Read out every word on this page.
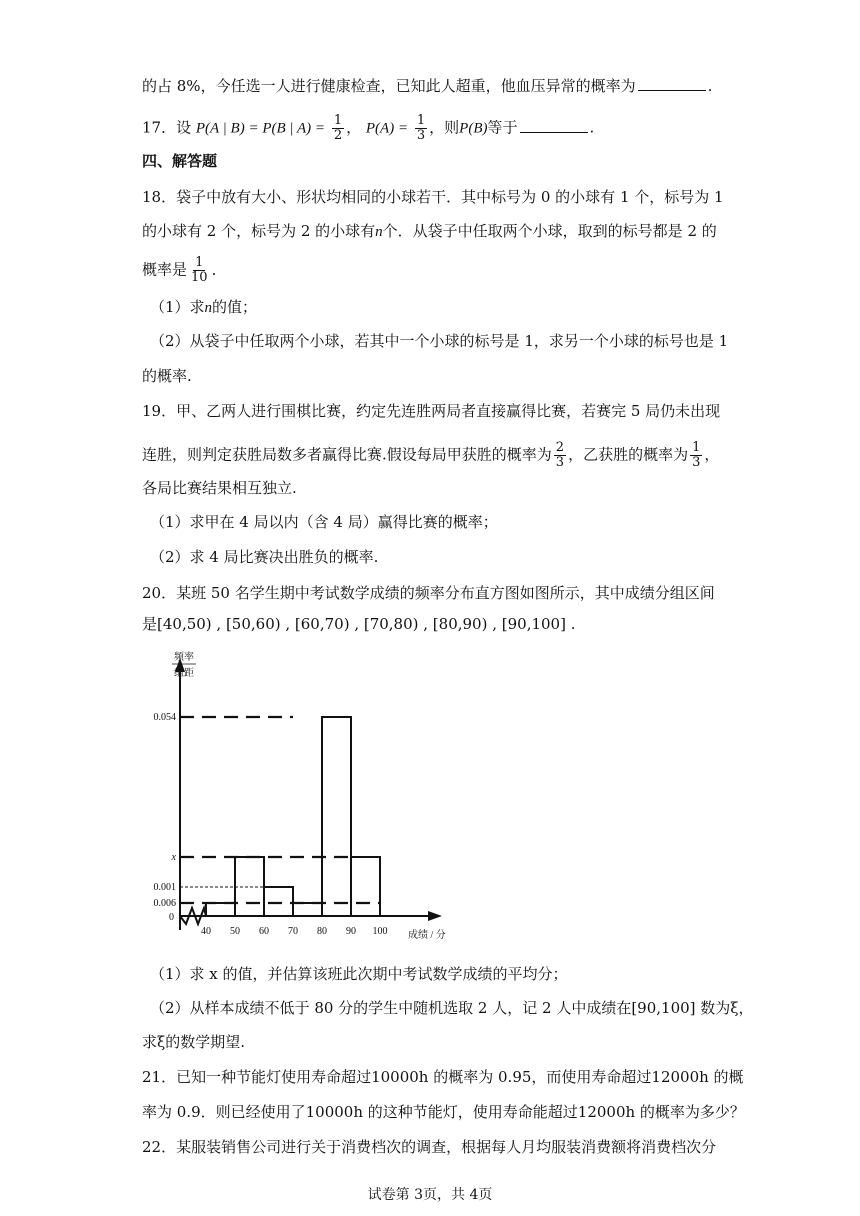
的占 8%，今任选一人进行健康检查，已知此人超重，他血压异常的概率为	.
17．设 P(A | B) = P(B | $A) = \frac{1}{2}$ ， $P(A) = \frac{1}{3}$ ，则P(B)等于	.
四、解答题
18．袋子中放有大小、形状均相同的小球若干．其中标号为 0 的小球有 1 个，标号为 1
的小球有 2 个，标号为 2 的小球有n个．从袋子中任取两个小球，取到的标号都是 2 的
概率是 $\frac{1}{10}$ ．
（1）求n的值；
（2）从袋子中任取两个小球，若其中一个小球的标号是 1，求另一个小球的标号也是 1
的概率.
19．甲、乙两人进行围棋比赛，约定先连胜两局者直接赢得比赛，若赛完 5 局仍未出现
连胜，则判定获胜局数多者赢得比赛.假设每局甲获胜的概率为 $\frac{2}{3}$ ，乙获胜的概率为 $\frac{1}{3}$ ，
各局比赛结果相互独立.
（1）求甲在 4 局以内（含 4 局）赢得比赛的概率；
（2）求 4 局比赛决出胜负的概率.
20．某班 50 名学生期中考试数学成绩的频率分布直方图如图所示，其中成绩分组区间
是[40,50) , [50,60) , [60,70) , [70,80) , [80,90) , [90,100] .
频率
组距
0.054
x
0.001
0.006
40 50 60 70 80 90 100
0
成绩 / 分
（1）求 x 的值，并估算该班此次期中考试数学成绩的平均分；
（2）从样本成绩不低于 80 分的学生中随机选取 2 人，记 2 人中成绩在[90,100] 数为ξ，
求ξ的数学期望.
21．已知一种节能灯使用寿命超过10000h 的概率为 0.95，而使用寿命超过12000h 的概
率为 0.9．则已经使用了10000h 的这种节能灯，使用寿命能超过12000h 的概率为多少？
22．某服装销售公司进行关于消费档次的调查，根据每人月均服装消费额将消费档次分
试卷第 3页，共 4页
